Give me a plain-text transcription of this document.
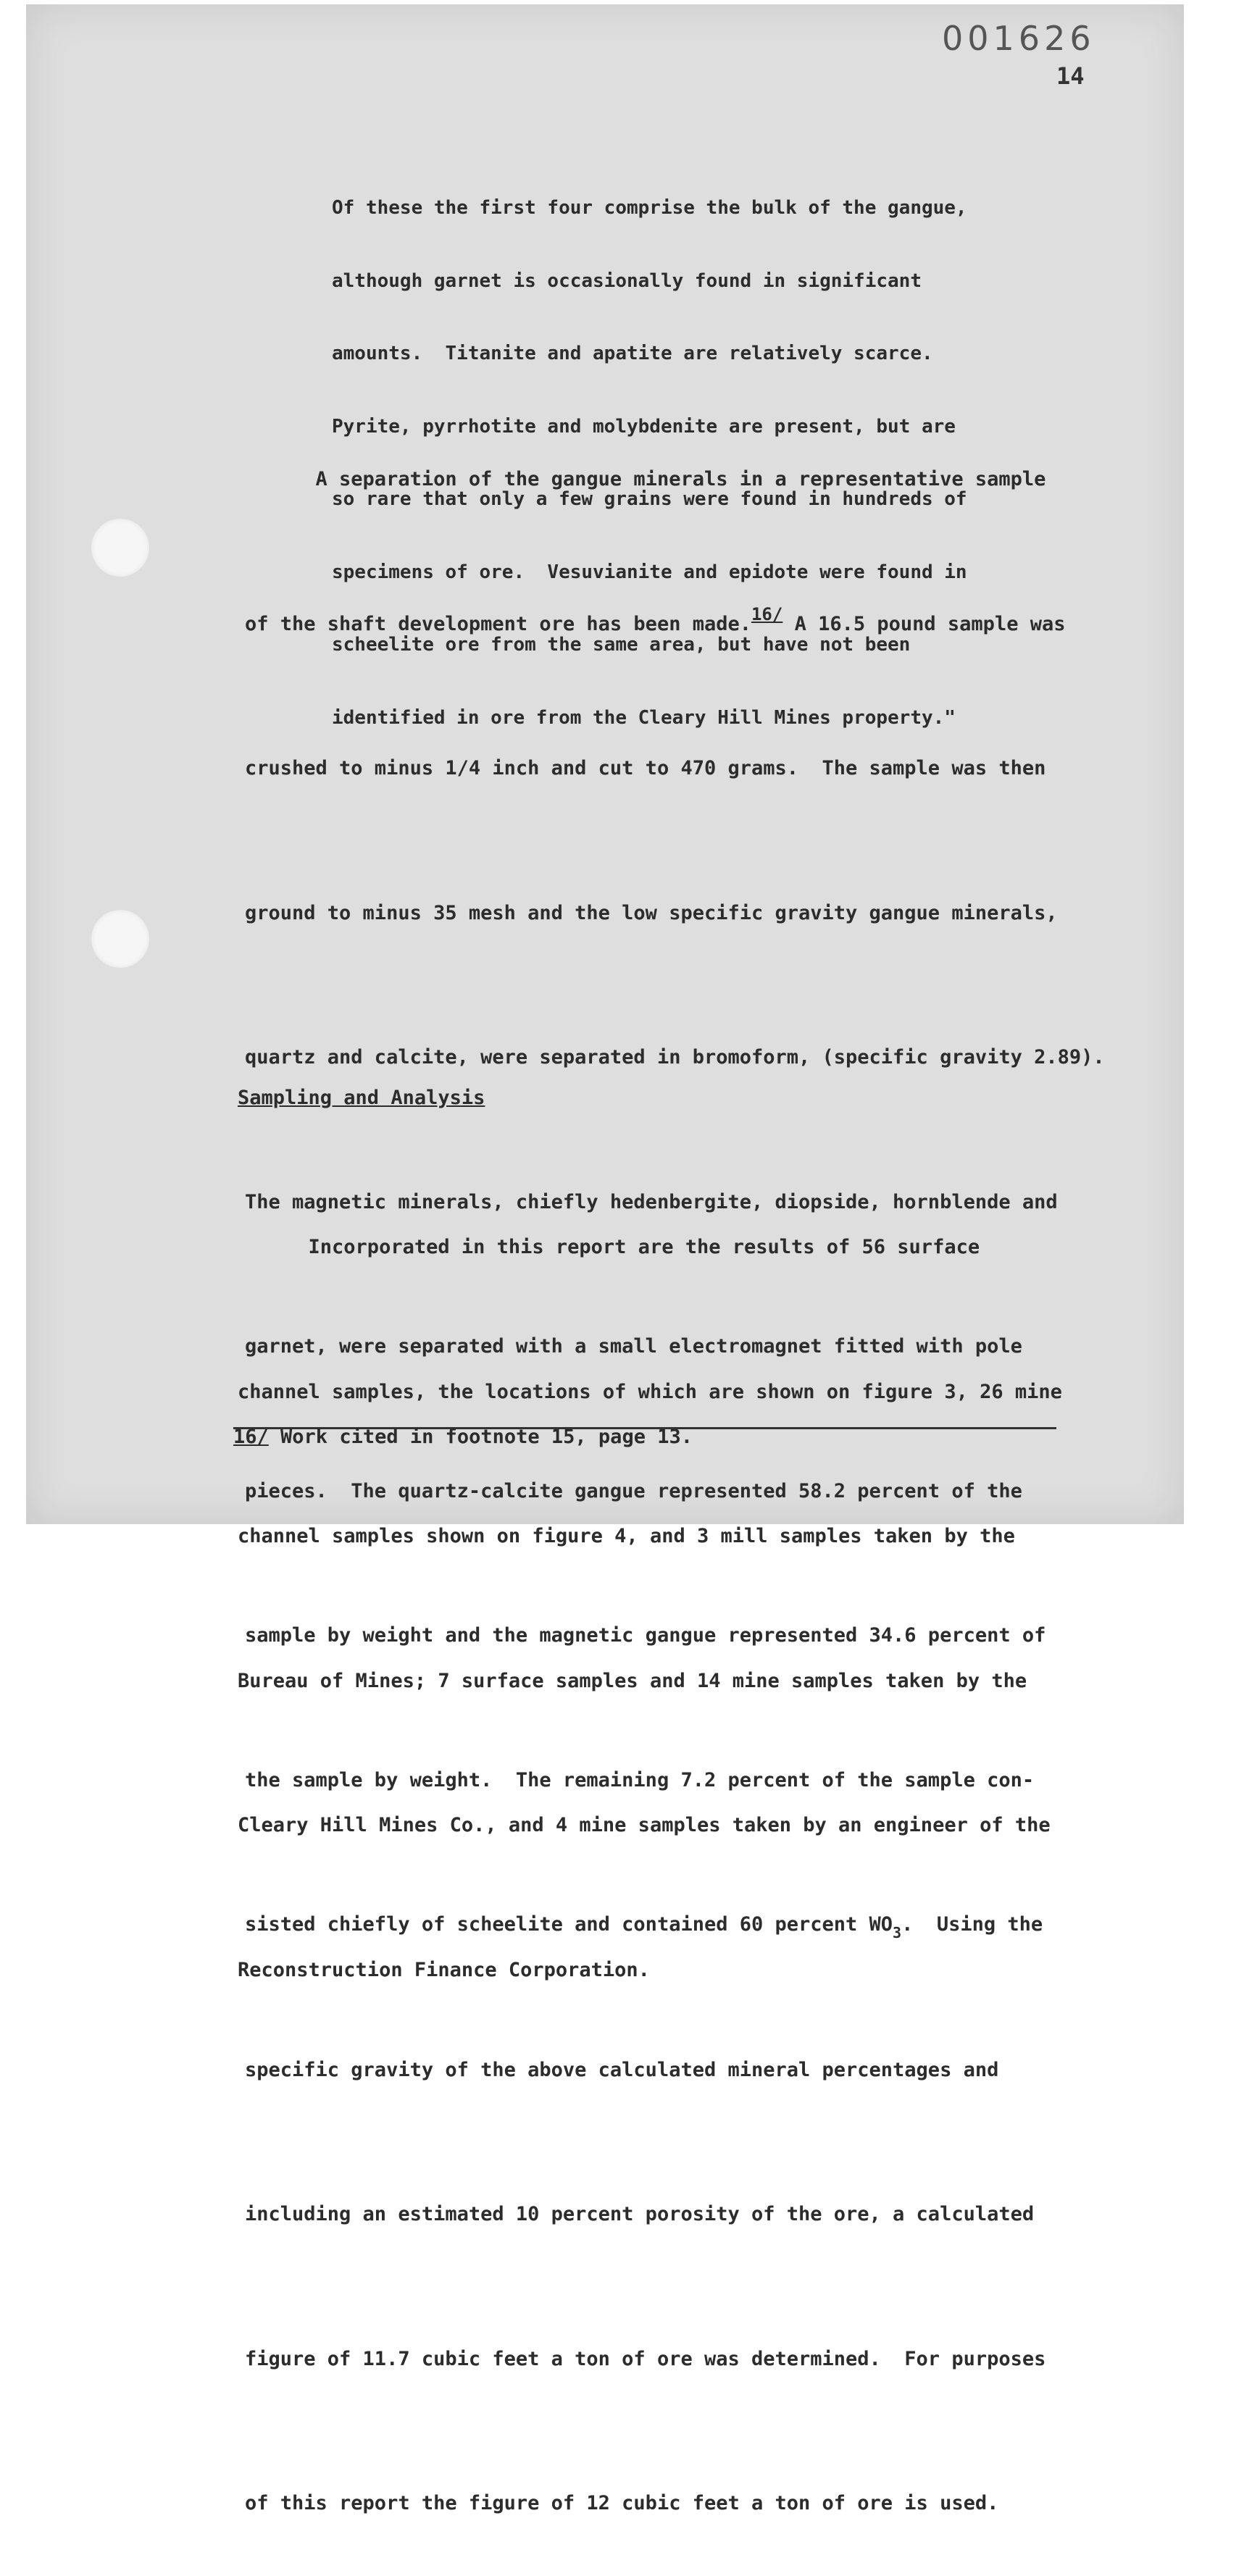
001626
14

Of these the first four comprise the bulk of the gangue,

although garnet is occasionally found in significant

amounts.  Titanite and apatite are relatively scarce.

Pyrite, pyrrhotite and molybdenite are present, but are

so rare that only a few grains were found in hundreds of

specimens of ore.  Vesuvianite and epidote were found in

scheelite ore from the same area, but have not been

identified in ore from the Cleary Hill Mines property."

A separation of the gangue minerals in a representative sample

of the shaft development ore has been made.16/ A 16.5 pound sample was

crushed to minus 1/4 inch and cut to 470 grams.  The sample was then

ground to minus 35 mesh and the low specific gravity gangue minerals,

quartz and calcite, were separated in bromoform, (specific gravity 2.89).

The magnetic minerals, chiefly hedenbergite, diopside, hornblende and

garnet, were separated with a small electromagnet fitted with pole

pieces.  The quartz-calcite gangue represented 58.2 percent of the

sample by weight and the magnetic gangue represented 34.6 percent of

the sample by weight.  The remaining 7.2 percent of the sample con-

sisted chiefly of scheelite and contained 60 percent $WO_3$.  Using the

specific gravity of the above calculated mineral percentages and

including an estimated 10 percent porosity of the ore, a calculated

figure of 11.7 cubic feet a ton of ore was determined.  For purposes

of this report the figure of 12 cubic feet a ton of ore is used.

Sampling and Analysis

Incorporated in this report are the results of 56 surface

channel samples, the locations of which are shown on figure 3, 26 mine

channel samples shown on figure 4, and 3 mill samples taken by the

Bureau of Mines; 7 surface samples and 14 mine samples taken by the

Cleary Hill Mines Co., and 4 mine samples taken by an engineer of the

Reconstruction Finance Corporation.

16/ Work cited in footnote 15, page 13.
